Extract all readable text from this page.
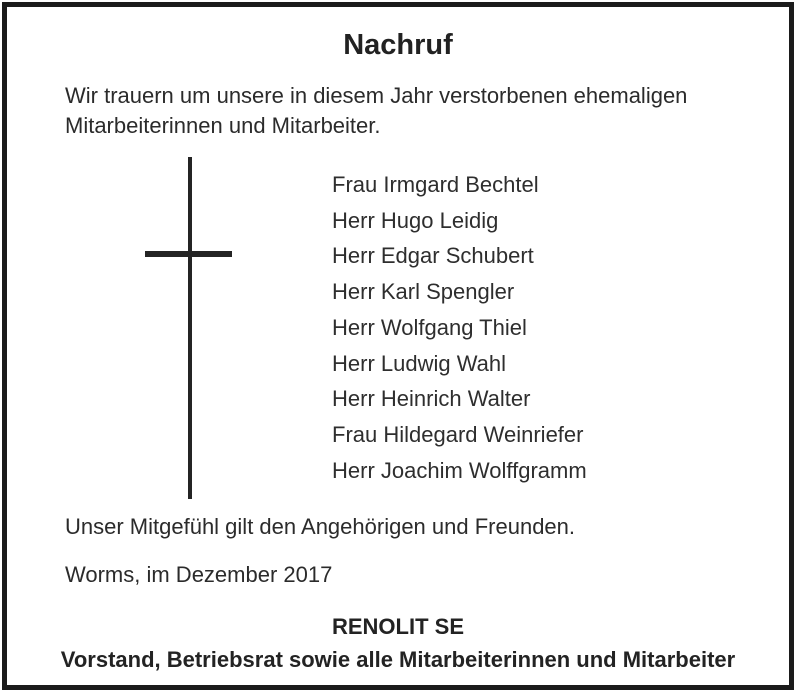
Nachruf

Wir trauern um unsere in diesem Jahr verstorbenen ehemaligen Mitarbeiterinnen und Mitarbeiter.

Frau Irmgard Bechtel
Herr Hugo Leidig
Herr Edgar Schubert
Herr Karl Spengler
Herr Wolfgang Thiel
Herr Ludwig Wahl
Herr Heinrich Walter
Frau Hildegard Weinriefer
Herr Joachim Wolffgramm

Unser Mitgefühl gilt den Angehörigen und Freunden.

Worms, im Dezember 2017

RENOLIT SE

Vorstand, Betriebsrat sowie alle Mitarbeiterinnen und Mitarbeiter
